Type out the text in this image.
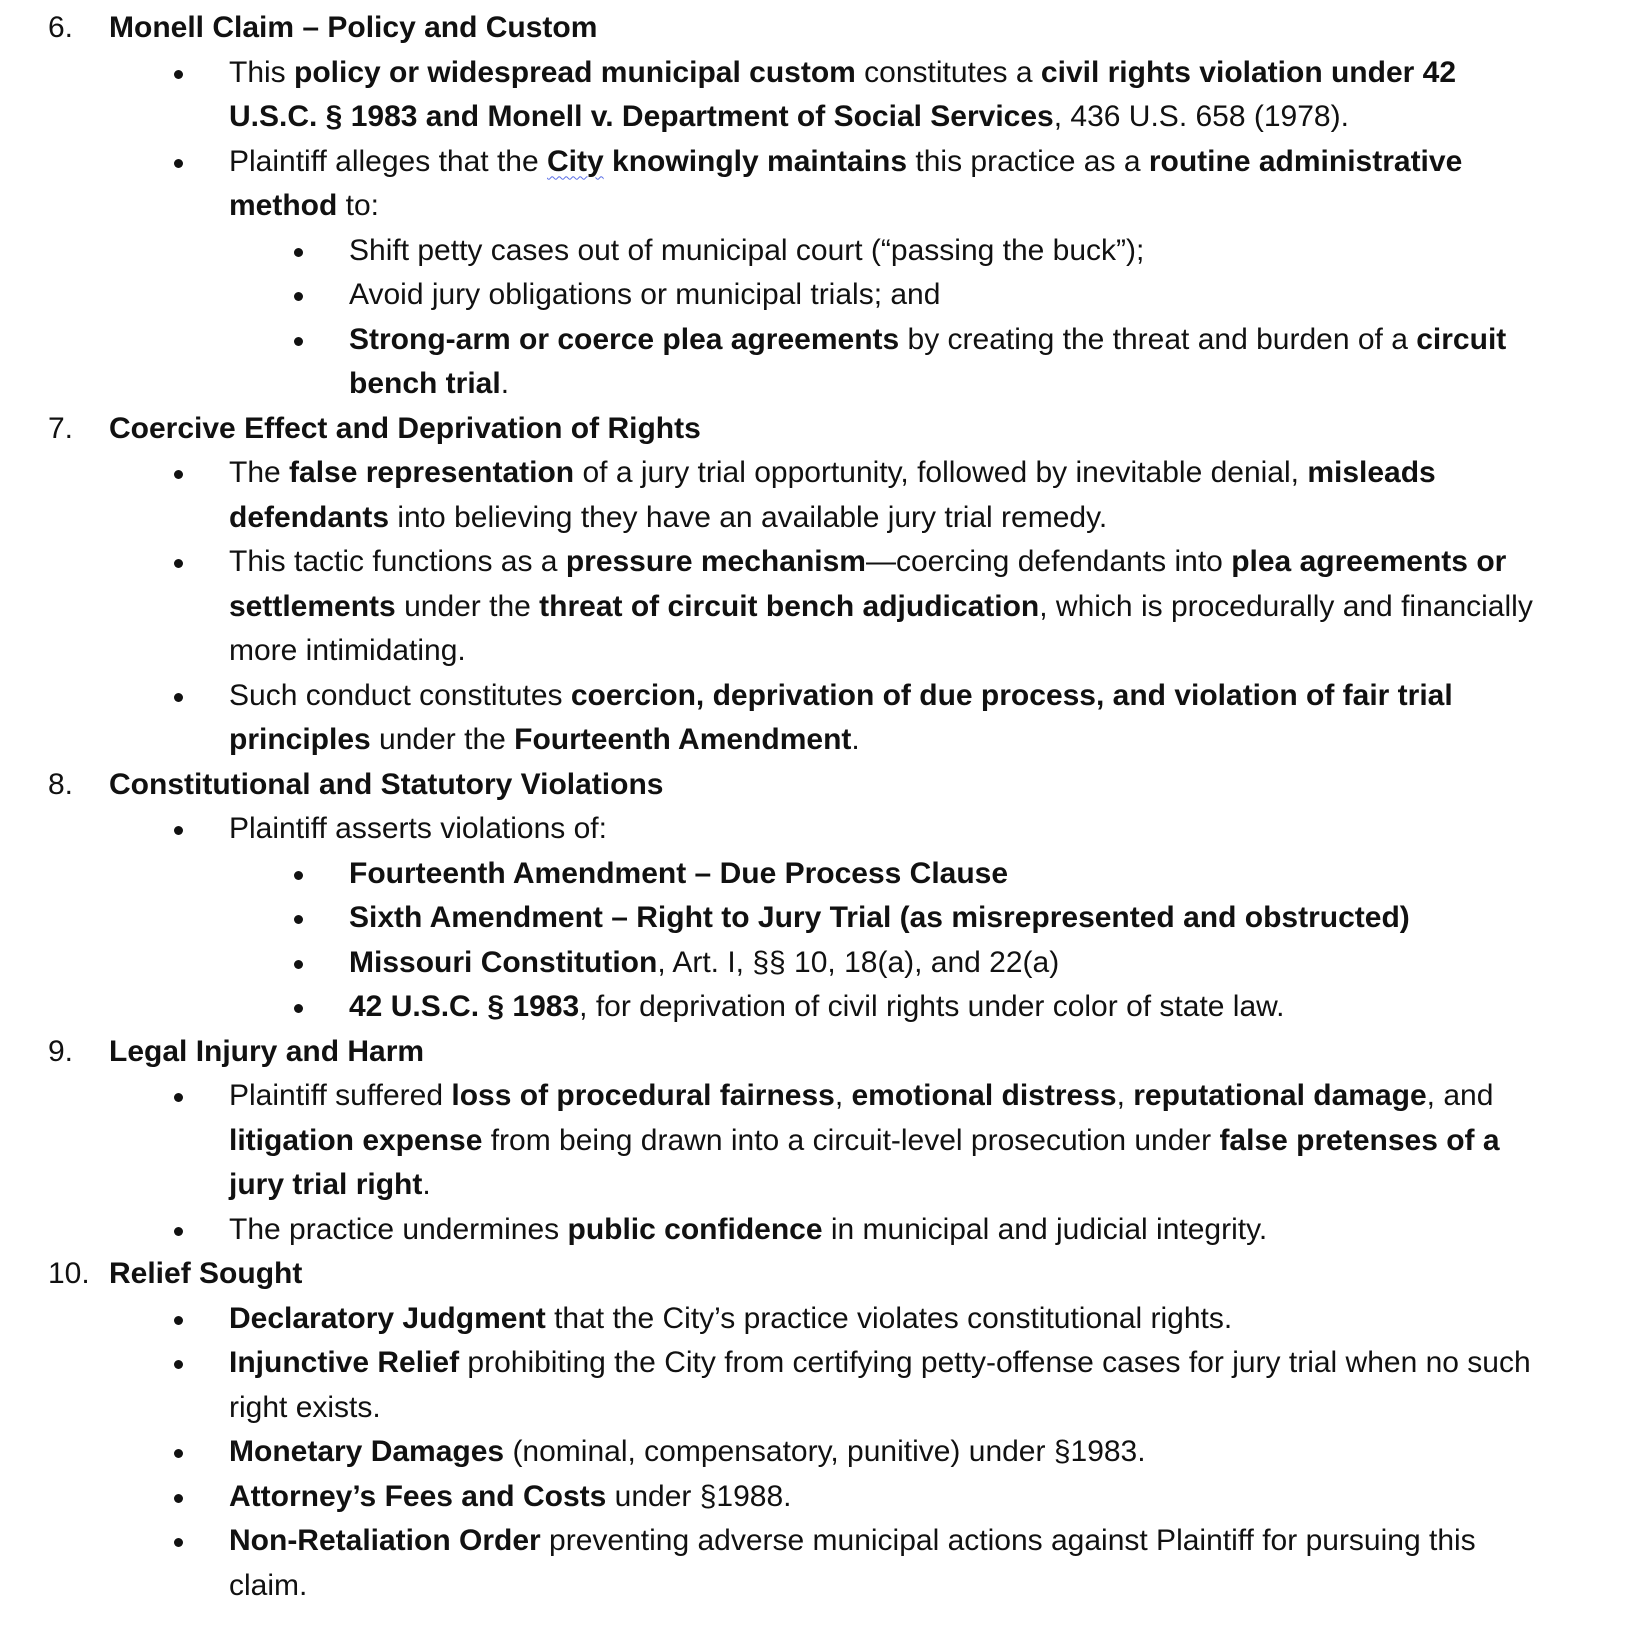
6. Monell Claim – Policy and Custom
This policy or widespread municipal custom constitutes a civil rights violation under 42 U.S.C. § 1983 and Monell v. Department of Social Services, 436 U.S. 658 (1978).
Plaintiff alleges that the City knowingly maintains this practice as a routine administrative method to:
Shift petty cases out of municipal court (“passing the buck”);
Avoid jury obligations or municipal trials; and
Strong-arm or coerce plea agreements by creating the threat and burden of a circuit bench trial.
7. Coercive Effect and Deprivation of Rights
The false representation of a jury trial opportunity, followed by inevitable denial, misleads defendants into believing they have an available jury trial remedy.
This tactic functions as a pressure mechanism—coercing defendants into plea agreements or settlements under the threat of circuit bench adjudication, which is procedurally and financially more intimidating.
Such conduct constitutes coercion, deprivation of due process, and violation of fair trial principles under the Fourteenth Amendment.
8. Constitutional and Statutory Violations
Plaintiff asserts violations of:
Fourteenth Amendment – Due Process Clause
Sixth Amendment – Right to Jury Trial (as misrepresented and obstructed)
Missouri Constitution, Art. I, §§ 10, 18(a), and 22(a)
42 U.S.C. § 1983, for deprivation of civil rights under color of state law.
9. Legal Injury and Harm
Plaintiff suffered loss of procedural fairness, emotional distress, reputational damage, and litigation expense from being drawn into a circuit-level prosecution under false pretenses of a jury trial right.
The practice undermines public confidence in municipal and judicial integrity.
10. Relief Sought
Declaratory Judgment that the City’s practice violates constitutional rights.
Injunctive Relief prohibiting the City from certifying petty-offense cases for jury trial when no such right exists.
Monetary Damages (nominal, compensatory, punitive) under §1983.
Attorney’s Fees and Costs under §1988.
Non-Retaliation Order preventing adverse municipal actions against Plaintiff for pursuing this claim.
